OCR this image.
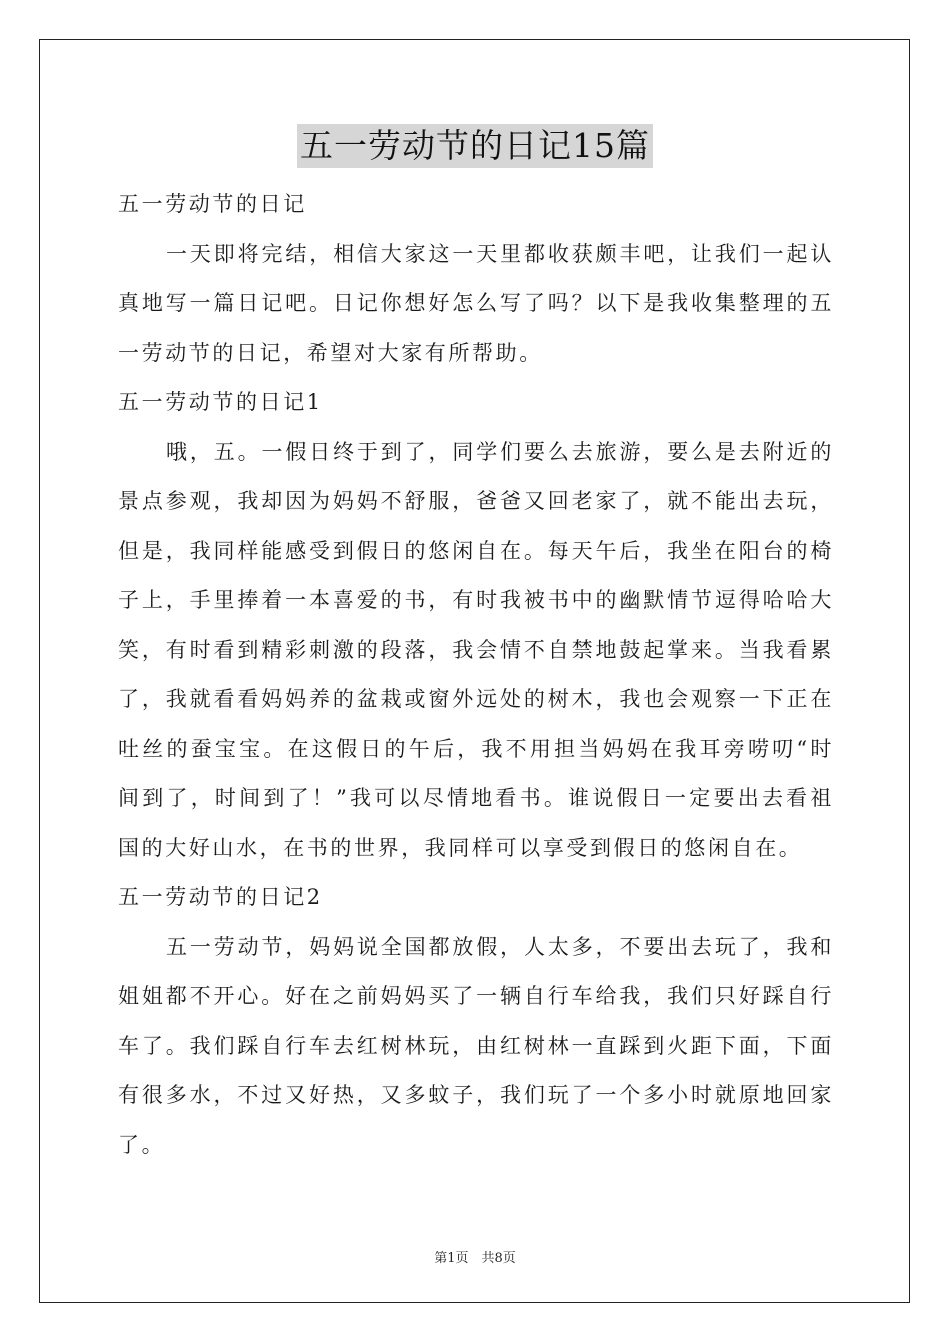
五一劳动节的日记15篇

五一劳动节的日记

一天即将完结，相信大家这一天里都收获颇丰吧，让我们一起认真地写一篇日记吧。日记你想好怎么写了吗？以下是我收集整理的五一劳动节的日记，希望对大家有所帮助。

五一劳动节的日记1

哦，五。一假日终于到了，同学们要么去旅游，要么是去附近的景点参观，我却因为妈妈不舒服，爸爸又回老家了，就不能出去玩，但是，我同样能感受到假日的悠闲自在。每天午后，我坐在阳台的椅子上，手里捧着一本喜爱的书，有时我被书中的幽默情节逗得哈哈大笑，有时看到精彩刺激的段落，我会情不自禁地鼓起掌来。当我看累了，我就看看妈妈养的盆栽或窗外远处的树木，我也会观察一下正在吐丝的蚕宝宝。在这假日的午后，我不用担当妈妈在我耳旁唠叨“时间到了，时间到了！”我可以尽情地看书。谁说假日一定要出去看祖国的大好山水，在书的世界，我同样可以享受到假日的悠闲自在。

五一劳动节的日记2

五一劳动节，妈妈说全国都放假，人太多，不要出去玩了，我和姐姐都不开心。好在之前妈妈买了一辆自行车给我，我们只好踩自行车了。我们踩自行车去红树林玩，由红树林一直踩到火距下面，下面有很多水，不过又好热，又多蚊子，我们玩了一个多小时就原地回家了。

第1页　共8页
